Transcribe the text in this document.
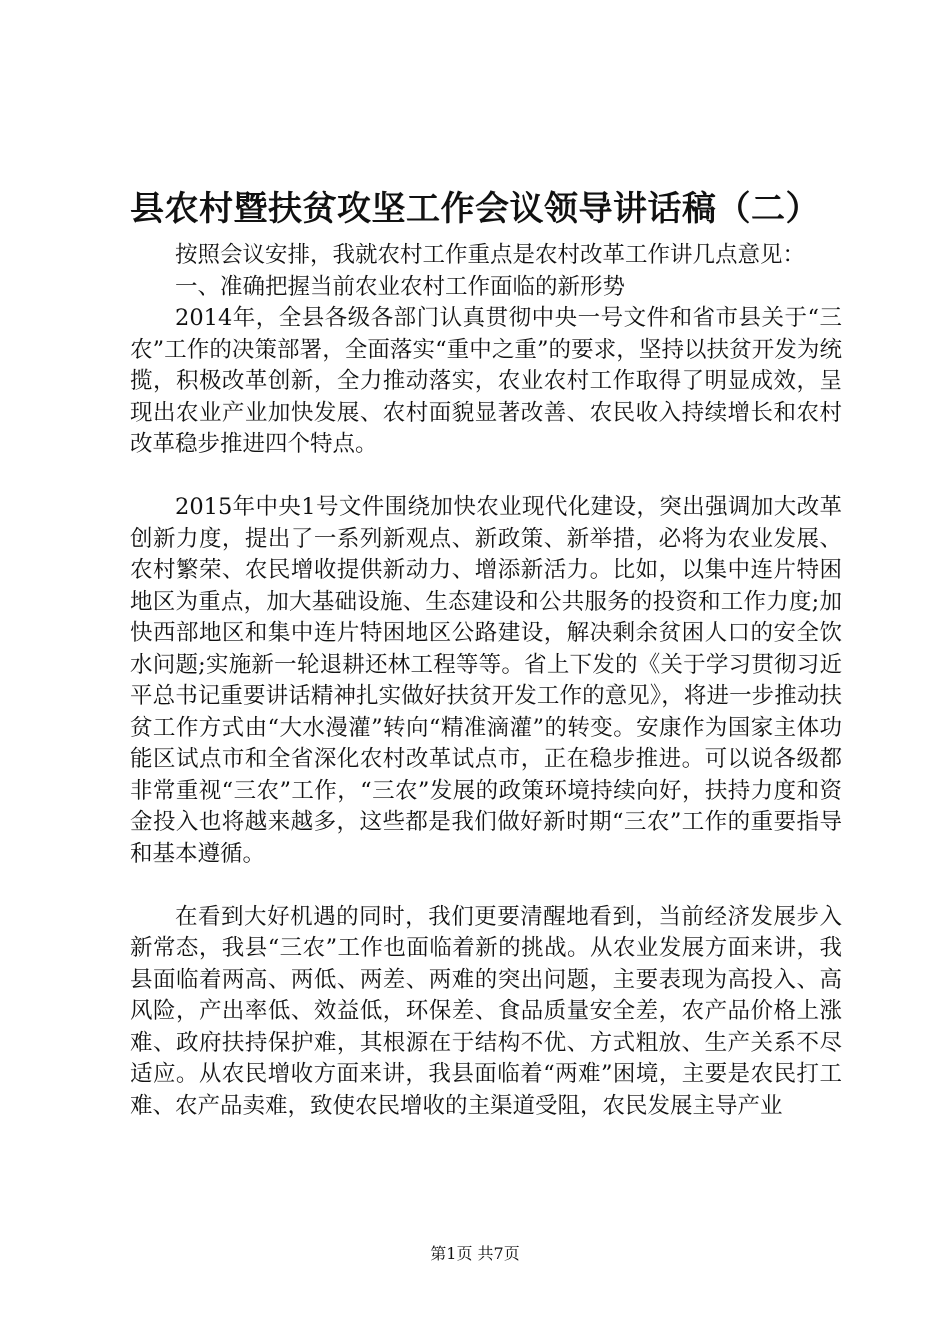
县农村暨扶贫攻坚工作会议领导讲话稿（二）

按照会议安排，我就农村工作重点是农村改革工作讲几点意见：

一、准确把握当前农业农村工作面临的新形势

2014年，全县各级各部门认真贯彻中央一号文件和省市县关于“三农”工作的决策部署，全面落实“重中之重”的要求，坚持以扶贫开发为统揽，积极改革创新，全力推动落实，农业农村工作取得了明显成效，呈现出农业产业加快发展、农村面貌显著改善、农民收入持续增长和农村改革稳步推进四个特点。

2015年中央1号文件围绕加快农业现代化建设，突出强调加大改革创新力度，提出了一系列新观点、新政策、新举措，必将为农业发展、农村繁荣、农民增收提供新动力、增添新活力。比如，以集中连片特困地区为重点，加大基础设施、生态建设和公共服务的投资和工作力度;加快西部地区和集中连片特困地区公路建设，解决剩余贫困人口的安全饮水问题;实施新一轮退耕还林工程等等。省上下发的《关于学习贯彻习近平总书记重要讲话精神扎实做好扶贫开发工作的意见》，将进一步推动扶贫工作方式由“大水漫灌”转向“精准滴灌”的转变。安康作为国家主体功能区试点市和全省深化农村改革试点市，正在稳步推进。可以说各级都非常重视“三农”工作，“三农”发展的政策环境持续向好，扶持力度和资金投入也将越来越多，这些都是我们做好新时期“三农”工作的重要指导和基本遵循。

在看到大好机遇的同时，我们更要清醒地看到，当前经济发展步入新常态，我县“三农”工作也面临着新的挑战。从农业发展方面来讲，我县面临着两高、两低、两差、两难的突出问题，主要表现为高投入、高风险，产出率低、效益低，环保差、食品质量安全差，农产品价格上涨难、政府扶持保护难，其根源在于结构不优、方式粗放、生产关系不尽适应。从农民增收方面来讲，我县面临着“两难”困境，主要是农民打工难、农产品卖难，致使农民增收的主渠道受阻，农民发展主导产业

第1页 共7页
